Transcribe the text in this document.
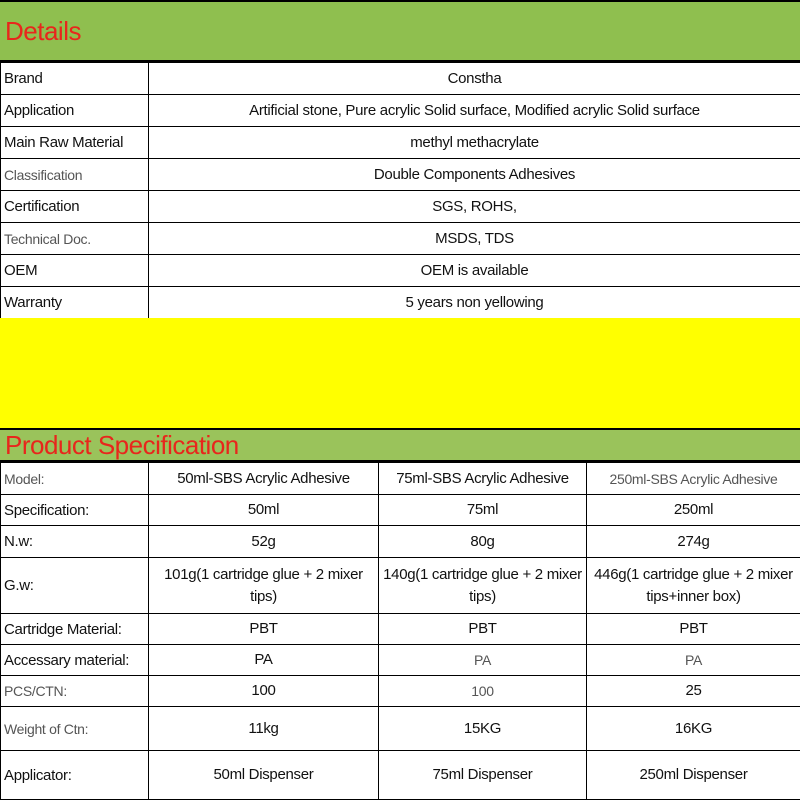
Details
Brand	Constha
Application	Artificial stone, Pure acrylic Solid surface, Modified acrylic Solid surface
Main Raw Material	methyl methacrylate
Classification	Double Components Adhesives
Certification	SGS, ROHS,
Technical Doc.	MSDS, TDS
OEM	OEM is available
Warranty	5 years non yellowing
Product Specification
Model:	50ml-SBS Acrylic Adhesive	75ml-SBS Acrylic Adhesive	250ml-SBS Acrylic Adhesive
Specification:	50ml	75ml	250ml
N.w:	52g	80g	274g
G.w:	101g(1 cartridge glue + 2 mixer tips)	140g(1 cartridge glue + 2 mixer tips)	446g(1 cartridge glue + 2 mixer tips+inner box)
Cartridge Material:	PBT	PBT	PBT
Accessary material:	PA	PA	PA
PCS/CTN:	100	100	25
Weight of Ctn:	11kg	15KG	16KG
Applicator:	50ml Dispenser	75ml Dispenser	250ml Dispenser
